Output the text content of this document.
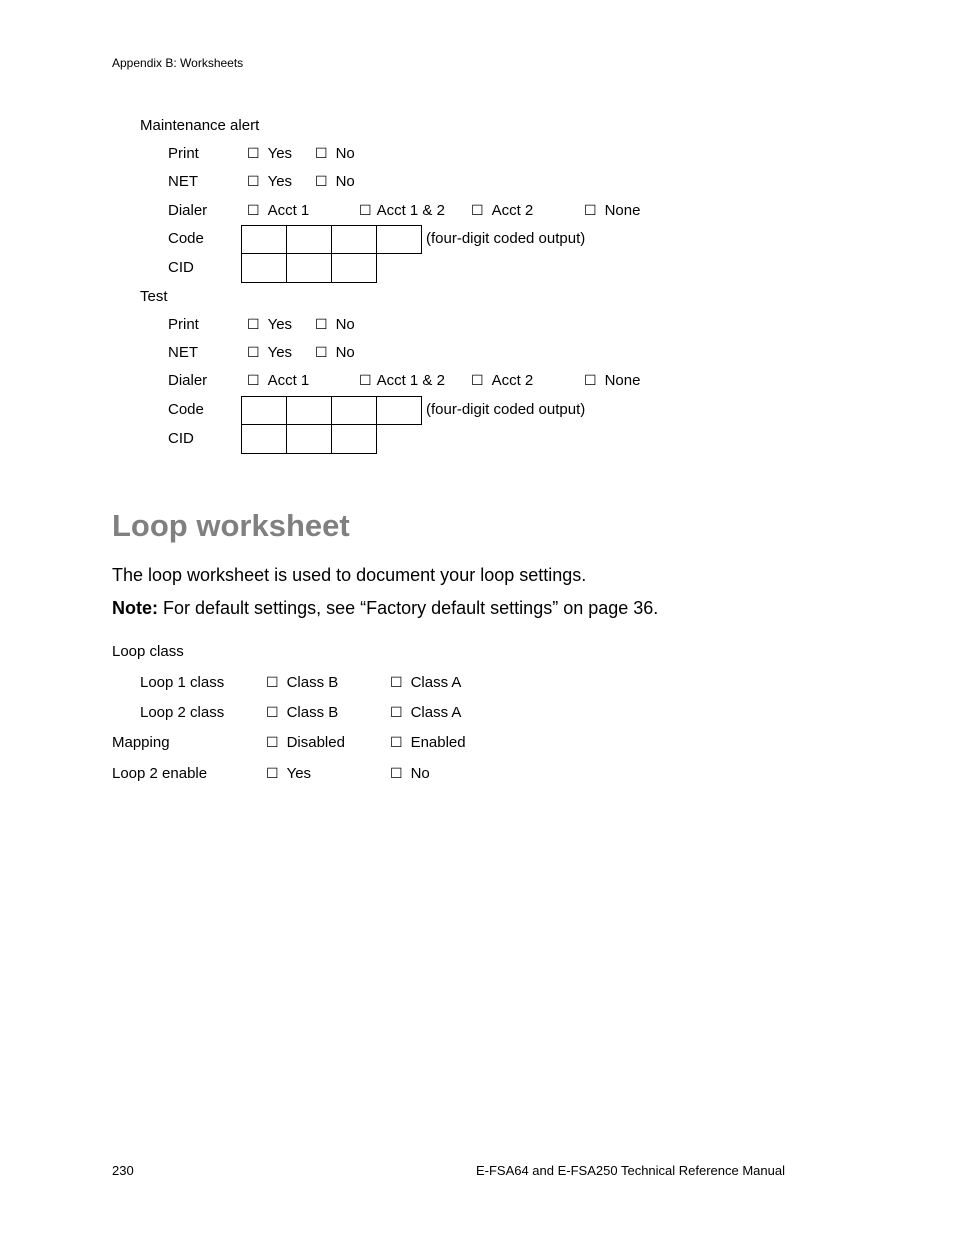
Appendix B: Worksheets
Maintenance alert
Print	☐ Yes ☐ No
NET	☐ Yes ☐ No
Dialer	☐ Acct 1	☐ Acct 1 & 2 ☐ Acct 2	☐ None
Code	(four-digit coded output)
CID
Test
Print	☐ Yes ☐ No
NET	☐ Yes ☐ No
Dialer	☐ Acct 1	☐ Acct 1 & 2 ☐ Acct 2	☐ None
Code	(four-digit coded output)
CID
Loop worksheet
The loop worksheet is used to document your loop settings.
Note: For default settings, see “Factory default settings” on page 36.
Loop class
Loop 1 class	☐ Class B	☐ Class A
Loop 2 class	☐ Class B	☐ Class A
Mapping	☐ Disabled	☐ Enabled
Loop 2 enable	☐ Yes	☐ No
230	E-FSA64 and E-FSA250 Technical Reference Manual
